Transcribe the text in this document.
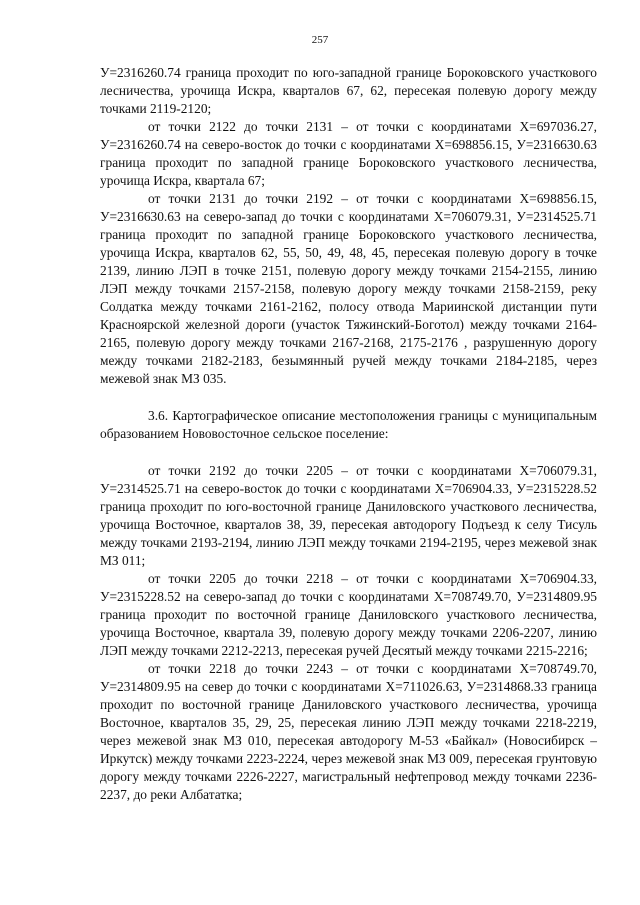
257

У=2316260.74 граница проходит по юго-западной границе Бороковского участкового лесничества, урочища Искра, кварталов 67, 62, пересекая полевую дорогу между точками 2119-2120;

от точки 2122 до точки 2131 – от точки с координатами Х=697036.27, У=2316260.74 на северо-восток до точки с координатами Х=698856.15, У=2316630.63 граница проходит по западной границе Бороковского участкового лесничества, урочища Искра, квартала 67;

от точки 2131 до точки 2192 – от точки с координатами Х=698856.15, У=2316630.63 на северо-запад до точки с координатами Х=706079.31, У=2314525.71 граница проходит по западной границе Бороковского участкового лесничества, урочища Искра, кварталов 62, 55, 50, 49, 48, 45, пересекая полевую дорогу в точке 2139, линию ЛЭП в точке 2151, полевую дорогу между точками 2154-2155, линию ЛЭП между точками 2157-2158, полевую дорогу между точками 2158-2159, реку Солдатка между точками 2161-2162, полосу отвода Мариинской дистанции пути Красноярской железной дороги (участок Тяжинский-Боготол) между точками 2164-2165, полевую дорогу между точками 2167-2168, 2175-2176 , разрушенную дорогу между точками 2182-2183, безымянный ручей между точками 2184-2185, через межевой знак МЗ 035.

3.6. Картографическое описание местоположения границы с муниципальным образованием Нововосточное сельское поселение:

от точки 2192 до точки 2205 – от точки с координатами Х=706079.31, У=2314525.71 на северо-восток до точки с координатами Х=706904.33, У=2315228.52 граница проходит по юго-восточной границе Даниловского участкового лесничества, урочища Восточное, кварталов 38, 39, пересекая автодорогу Подъезд к селу Тисуль между точками 2193-2194, линию ЛЭП между точками 2194-2195, через межевой знак МЗ 011;

от точки 2205 до точки 2218 – от точки с координатами Х=706904.33, У=2315228.52 на северо-запад до точки с координатами Х=708749.70, У=2314809.95 граница проходит по восточной границе Даниловского участкового лесничества, урочища Восточное, квартала 39, полевую дорогу между точками 2206-2207, линию ЛЭП между точками 2212-2213, пересекая ручей Десятый между точками 2215-2216;

от точки 2218 до точки 2243 – от точки с координатами Х=708749.70, У=2314809.95 на север до точки с координатами Х=711026.63, У=2314868.33 граница проходит по восточной границе Даниловского участкового лесничества, урочища Восточное, кварталов 35, 29, 25, пересекая линию ЛЭП между точками 2218-2219, через межевой знак МЗ 010, пересекая автодорогу М-53 «Байкал» (Новосибирск – Иркутск) между точками 2223-2224, через межевой знак МЗ 009, пересекая грунтовую дорогу между точками 2226-2227, магистральный нефтепровод между точками 2236-2237, до реки Албататка;
